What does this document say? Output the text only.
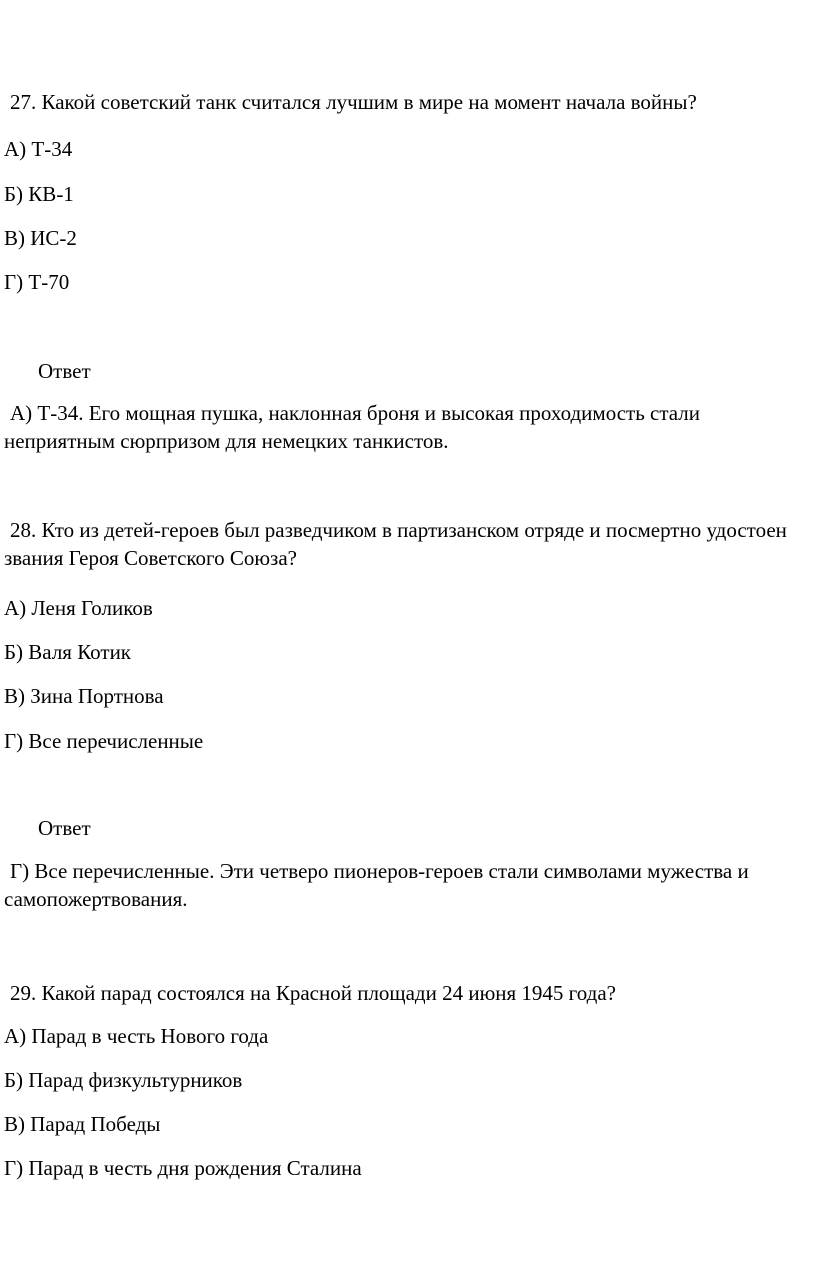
27. Какой советский танк считался лучшим в мире на момент начала войны?

А) Т-34

Б) КВ-1

В) ИС-2

Г) Т-70

Ответ

А) Т-34. Его мощная пушка, наклонная броня и высокая проходимость стали неприятным сюрпризом для немецких танкистов.

28. Кто из детей-героев был разведчиком в партизанском отряде и посмертно удостоен звания Героя Советского Союза?

А) Леня Голиков

Б) Валя Котик

В) Зина Портнова

Г) Все перечисленные

Ответ

Г) Все перечисленные. Эти четверо пионеров-героев стали символами мужества и самопожертвования.

29. Какой парад состоялся на Красной площади 24 июня 1945 года?

А) Парад в честь Нового года

Б) Парад физкультурников

В) Парад Победы

Г) Парад в честь дня рождения Сталина
